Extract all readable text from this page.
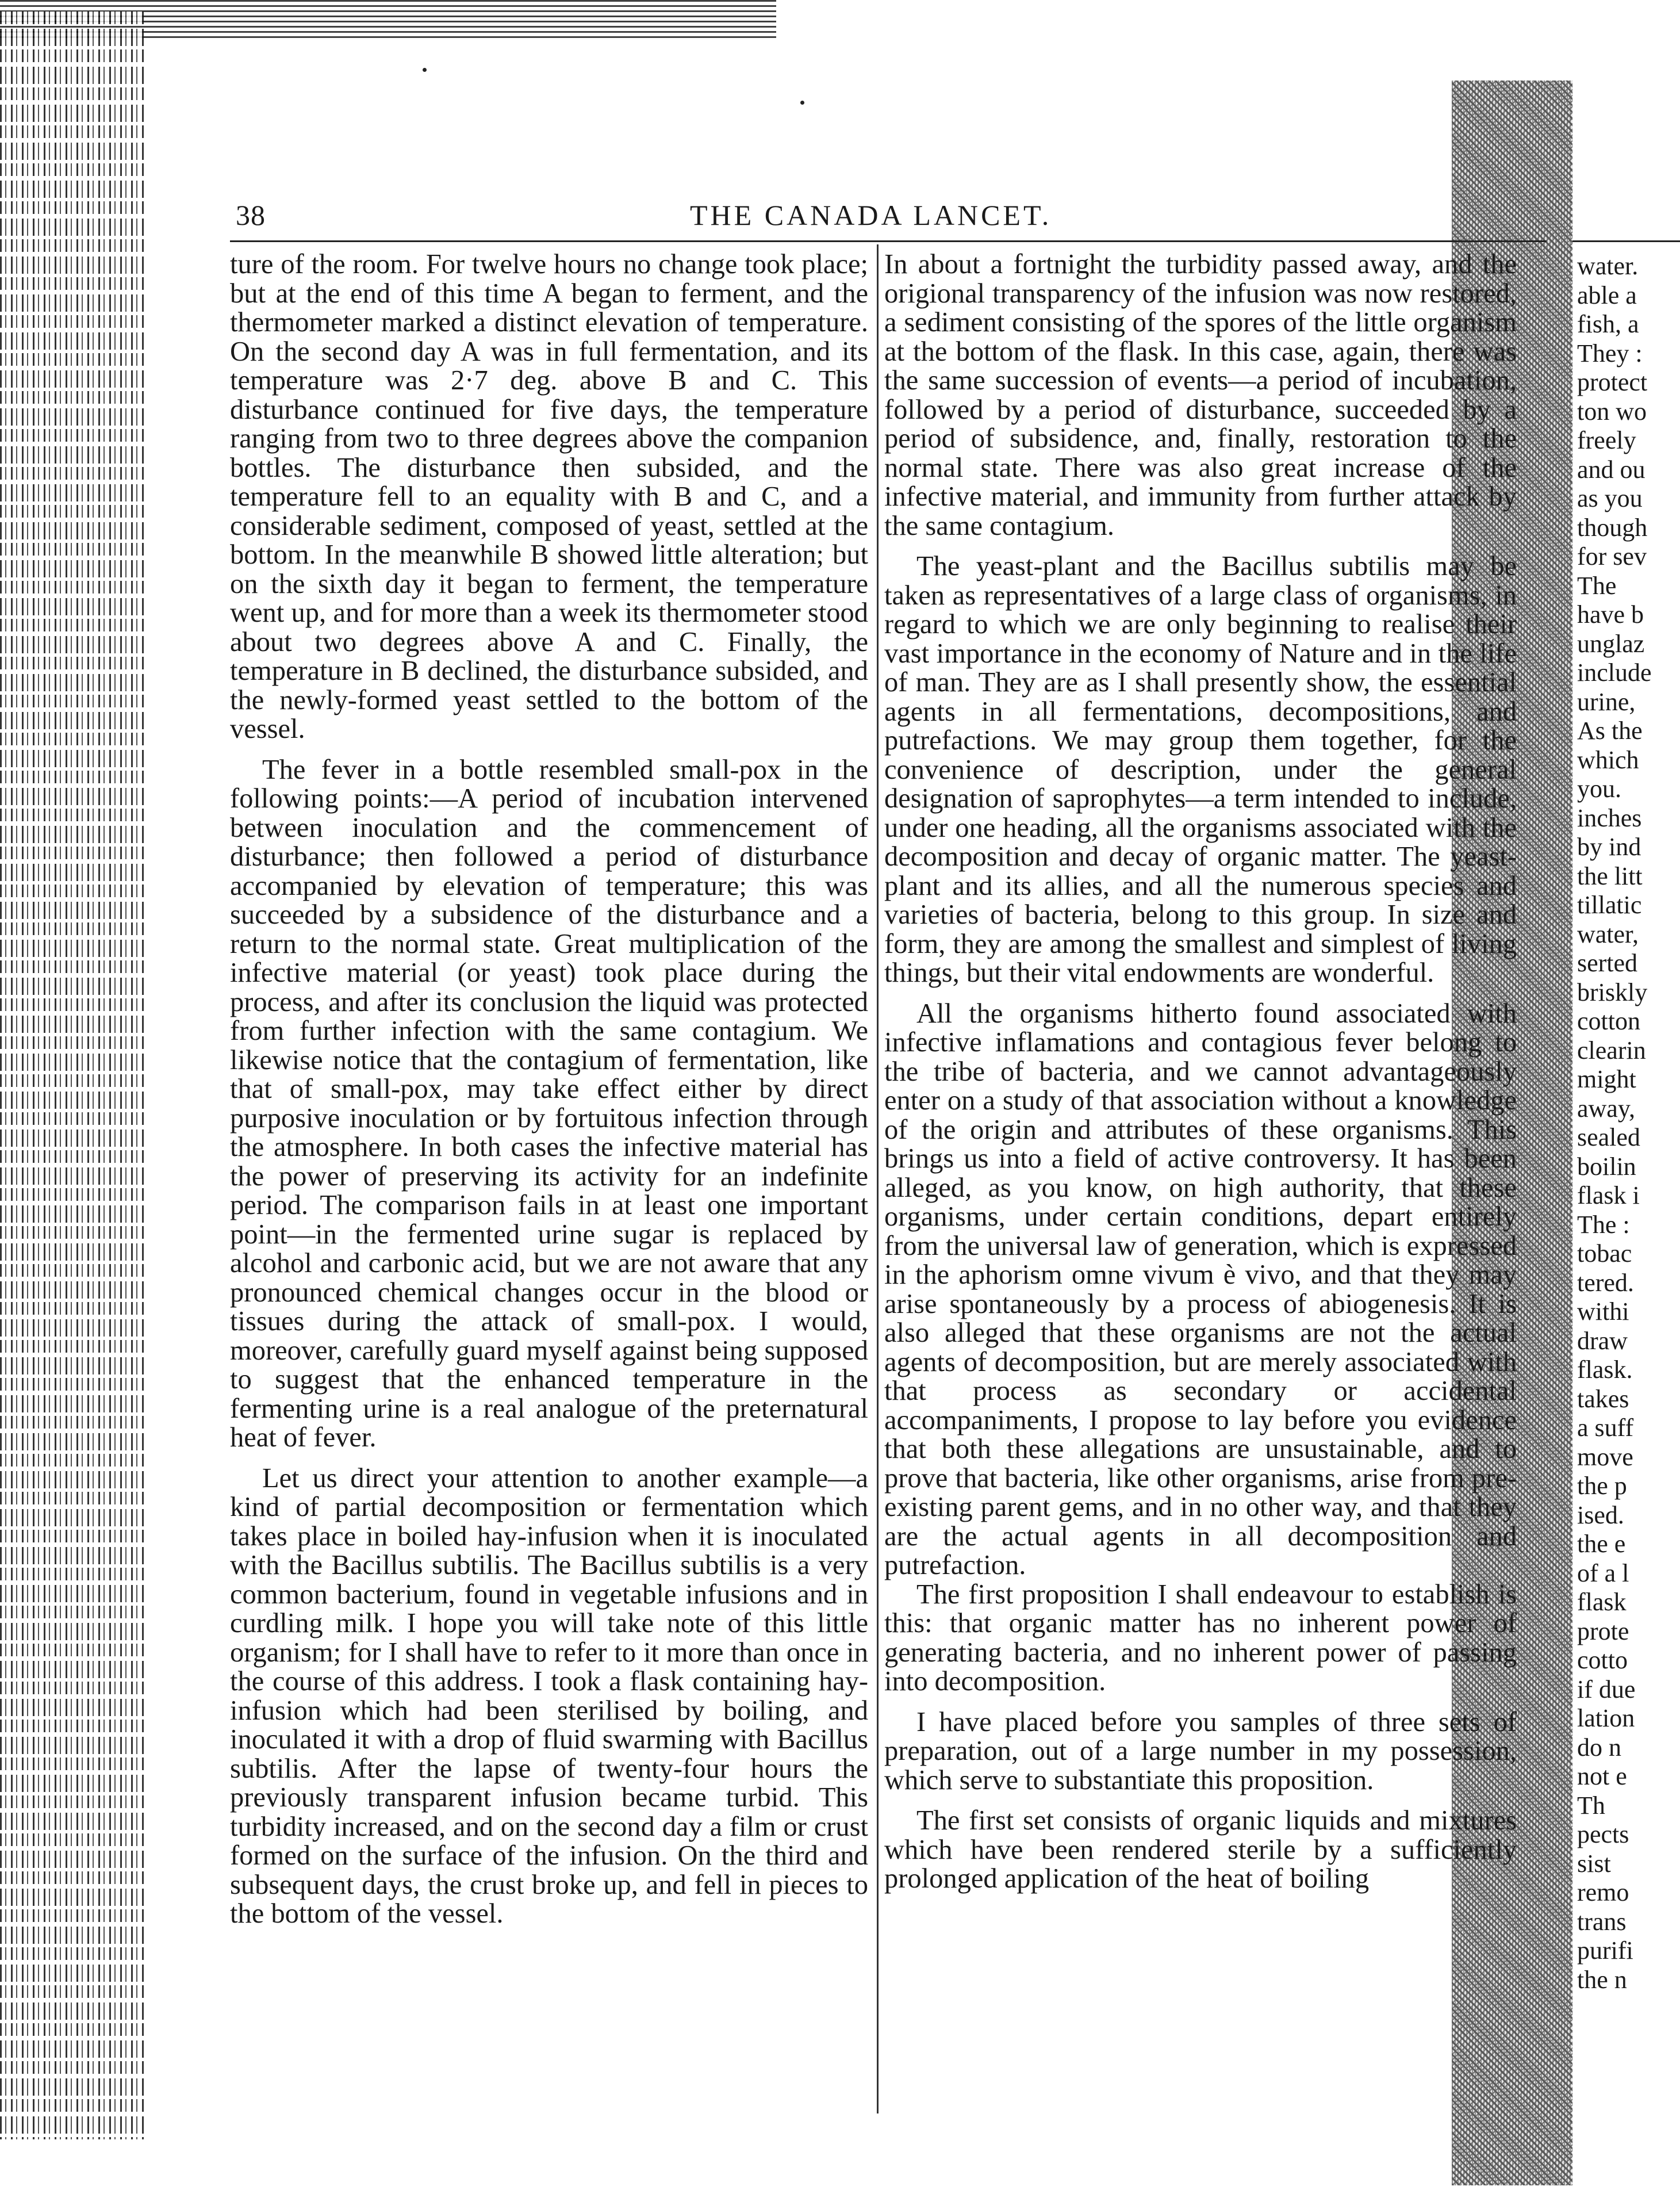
38	THE CANADA LANCET.

ture of the room. For twelve hours no change took place; but at the end of this time A began to ferment, and the thermometer marked a distinct elevation of temperature. On the second day A was in full fermentation, and its temperature was 2·7 deg. above B and C. This disturbance continued for five days, the temperature ranging from two to three degrees above the companion bottles. The disturbance then subsided, and the temperature fell to an equality with B and C, and a considerable sediment, composed of yeast, settled at the bottom. In the meanwhile B showed little alteration; but on the sixth day it began to ferment, the temperature went up, and for more than a week its thermometer stood about two degrees above A and C. Finally, the temperature in B declined, the disturbance subsided, and the newly-formed yeast settled to the bottom of the vessel.

The fever in a bottle resembled small-pox in the following points:—A period of incubation intervened between inoculation and the commencement of disturbance; then followed a period of disturbance accompanied by elevation of temperature; this was succeeded by a subsidence of the disturbance and a return to the normal state. Great multiplication of the infective material (or yeast) took place during the process, and after its conclusion the liquid was protected from further infection with the same contagium. We likewise notice that the contagium of fermentation, like that of small-pox, may take effect either by direct purposive inoculation or by fortuitous infection through the atmosphere. In both cases the infective material has the power of preserving its activity for an indefinite period. The comparison fails in at least one important point—in the fermented urine sugar is replaced by alcohol and carbonic acid, but we are not aware that any pronounced chemical changes occur in the blood or tissues during the attack of small-pox. I would, moreover, carefully guard myself against being supposed to suggest that the enhanced temperature in the fermenting urine is a real analogue of the preternatural heat of fever.

Let us direct your attention to another example—a kind of partial decomposition or fermentation which takes place in boiled hay-infusion when it is inoculated with the Bacillus subtilis. The Bacillus subtilis is a very common bacterium, found in vegetable infusions and in curdling milk. I hope you will take note of this little organism; for I shall have to refer to it more than once in the course of this address. I took a flask containing hay-infusion which had been sterilised by boiling, and inoculated it with a drop of fluid swarming with Bacillus subtilis. After the lapse of twenty-four hours the previously transparent infusion became turbid. This turbidity increased, and on the second day a film or crust formed on the surface of the infusion. On the third and subsequent days, the crust broke up, and fell in pieces to the bottom of the vessel.

In about a fortnight the turbidity passed away, and the origional transparency of the infusion was now restored, a sediment consisting of the spores of the little organism at the bottom of the flask. In this case, again, there was the same succession of events—a period of incubation, followed by a period of disturbance, succeeded by a period of subsidence, and, finally, restoration to the normal state. There was also great increase of the infective material, and immunity from further attack by the same contagium.

The yeast-plant and the Bacillus subtilis may be taken as representatives of a large class of organisms, in regard to which we are only beginning to realise their vast importance in the economy of Nature and in the life of man. They are as I shall presently show, the essential agents in all fermentations, decompositions, and putrefactions. We may group them together, for the convenience of description, under the general designation of saprophytes—a term intended to include, under one heading, all the organisms associated with the decomposition and decay of organic matter. The yeast-plant and its allies, and all the numerous species and varieties of bacteria, belong to this group. In size and form, they are among the smallest and simplest of living things, but their vital endowments are wonderful.

All the organisms hitherto found associated with infective inflamations and contagious fever belong to the tribe of bacteria, and we cannot advantageously enter on a study of that association without a knowledge of the origin and attributes of these organisms. This brings us into a field of active controversy. It has been alleged, as you know, on high authority, that these organisms, under certain conditions, depart entirely from the universal law of generation, which is expressed in the aphorism omne vivum è vivo, and that they may arise spontaneously by a process of abiogenesis. It is also alleged that these organisms are not the actual agents of decomposition, but are merely associated with that process as secondary or accidental accompaniments, I propose to lay before you evidence that both these allegations are unsustainable, and to prove that bacteria, like other organisms, arise from pre-existing parent gems, and in no other way, and that they are the actual agents in all decomposition and putrefaction.

The first proposition I shall endeavour to establish is this: that organic matter has no inherent power of generating bacteria, and no inherent power of passing into decomposition.

I have placed before you samples of three sets of preparation, out of a large number in my possession, which serve to substantiate this proposition.

The first set consists of organic liquids and mixtures which have been rendered sterile by a sufficiently prolonged application of the heat of boiling

water.
able a
fish, a
They :
protect
ton wo
freely
and ou
as you
though
for sev
The
have b
unglaz
include
urine,
As the
which
you.
inches
by ind
the litt
tillatic
water,
serted
briskly
cotton
clearin
might
away,
sealed
boilin
flask i
The :
tobac
tered.
withi
draw
flask.
takes
a suff
move
the p
ised.
the e
of a l
flask
prote
cotto
if due
lation
do n
not e
Th
pects
sist
remo
trans
purifi
the n
